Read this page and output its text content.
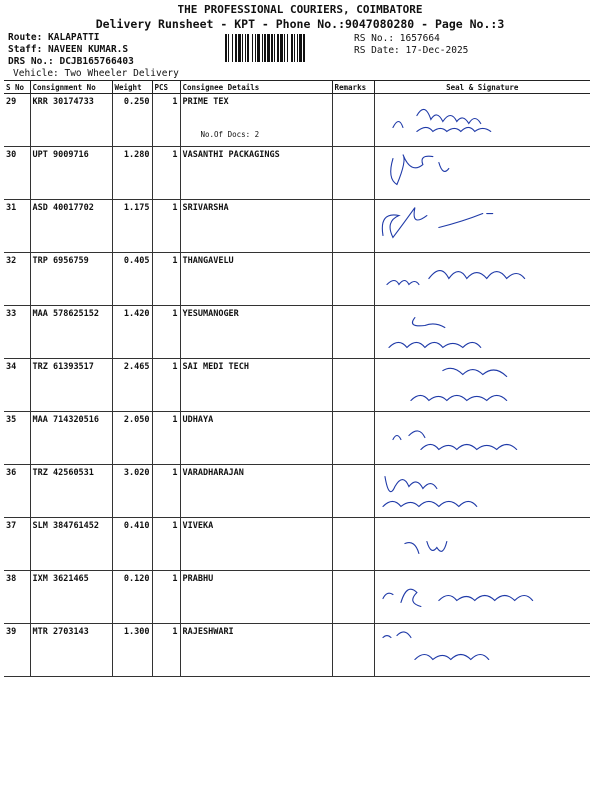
THE PROFESSIONAL COURIERS, COIMBATORE
Delivery Runsheet - KPT - Phone No.:9047080280 - Page No.:3
Route: KALAPATTI
Staff: NAVEEN KUMAR.S
DRS No.: DCJB165766403
Vehicle: Two Wheeler Delivery
RS No.: 1657664
RS Date: 17-Dec-2025
S No	Consignment No	Weight	PCS	Consignee Details	Remarks	Seal & Signature
29	KRR 30174733	0.250	1	PRIME TEX
No.Of Docs: 2

30	UPT 9009716	1.280	1	VASANTHI PACKAGINGS		

31	ASD 40017702	1.175	1	SRIVARSHA		

32	TRP 6956759	0.405	1	THANGAVELU		

33	MAA 578625152	1.420	1	YESUMANOGER		

34	TRZ 61393517	2.465	1	SAI MEDI TECH		

35	MAA 714320516	2.050	1	UDHAYA		

36	TRZ 42560531	3.020	1	VARADHARAJAN		

37	SLM 384761452	0.410	1	VIVEKA		

38	IXM 3621465	0.120	1	PRABHU		

39	MTR 2703143	1.300	1	RAJESHWARI		
